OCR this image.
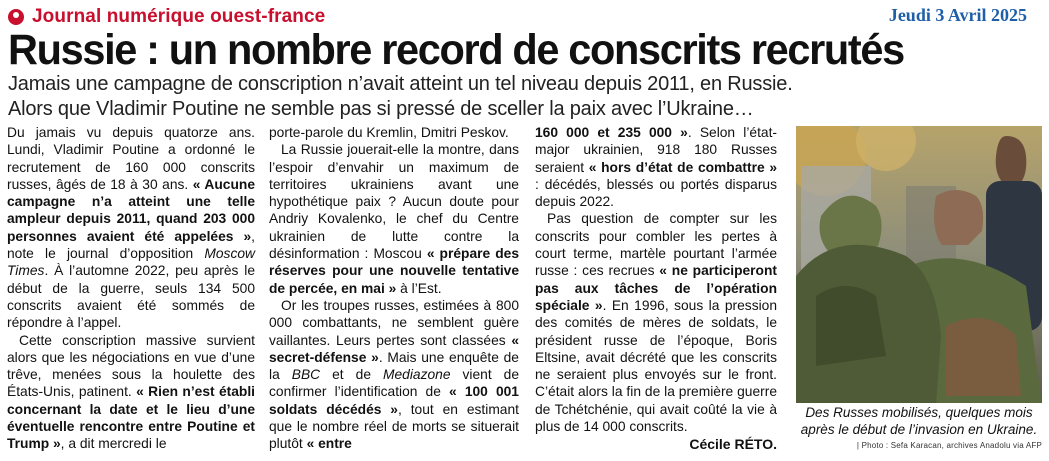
Journal numérique ouest-france	Jeudi 3 Avril 2025
Russie : un nombre record de conscrits recrutés
Jamais une campagne de conscription n’avait atteint un tel niveau depuis 2011, en Russie.
Alors que Vladimir Poutine ne semble pas si pressé de sceller la paix avec l’Ukraine…

Du jamais vu depuis quatorze ans. Lundi, Vladimir Poutine a ordonné le recrutement de 160 000 conscrits russes, âgés de 18 à 30 ans. « Aucune campagne n’a atteint une telle ampleur depuis 2011, quand 203 000 personnes avaient été appelées », note le journal d’opposition Moscow Times. À l’automne 2022, peu après le début de la guerre, seuls 134 500 conscrits avaient été sommés de répondre à l’appel.

Cette conscription massive survient alors que les négociations en vue d’une trêve, menées sous la houlette des États-Unis, patinent. « Rien n’est établi concernant la date et le lieu d’une éventuelle rencontre entre Poutine et Trump », a dit mercredi le

porte-parole du Kremlin, Dmitri Peskov.

La Russie jouerait-elle la montre, dans l’espoir d’envahir un maximum de territoires ukrainiens avant une hypothétique paix ? Aucun doute pour Andriy Kovalenko, le chef du Centre ukrainien de lutte contre la désinformation : Moscou « prépare des réserves pour une nouvelle tentative de percée, en mai » à l’Est.

Or les troupes russes, estimées à 800 000 combattants, ne semblent guère vaillantes. Leurs pertes sont classées « secret-défense ». Mais une enquête de la BBC et de Mediazone vient de confirmer l’identification de « 100 001 soldats décédés », tout en estimant que le nombre réel de morts se situerait plutôt « entre

160 000 et 235 000 ». Selon l’état-major ukrainien, 918 180 Russes seraient « hors d’état de combattre » : décédés, blessés ou portés disparus depuis 2022.

Pas question de compter sur les conscrits pour combler les pertes à court terme, martèle pourtant l’armée russe : ces recrues « ne participeront pas aux tâches de l’opération spéciale ». En 1996, sous la pression des comités de mères de soldats, le président russe de l’époque, Boris Eltsine, avait décrété que les conscrits ne seraient plus envoyés sur le front. C’était alors la fin de la première guerre de Tchétchénie, qui avait coûté la vie à plus de 14 000 conscrits.

Cécile RÉTO.
Des Russes mobilisés, quelques mois après le début de l’invasion en Ukraine.
| Photo : Sefa Karacan, archives Anadolu via AFP
